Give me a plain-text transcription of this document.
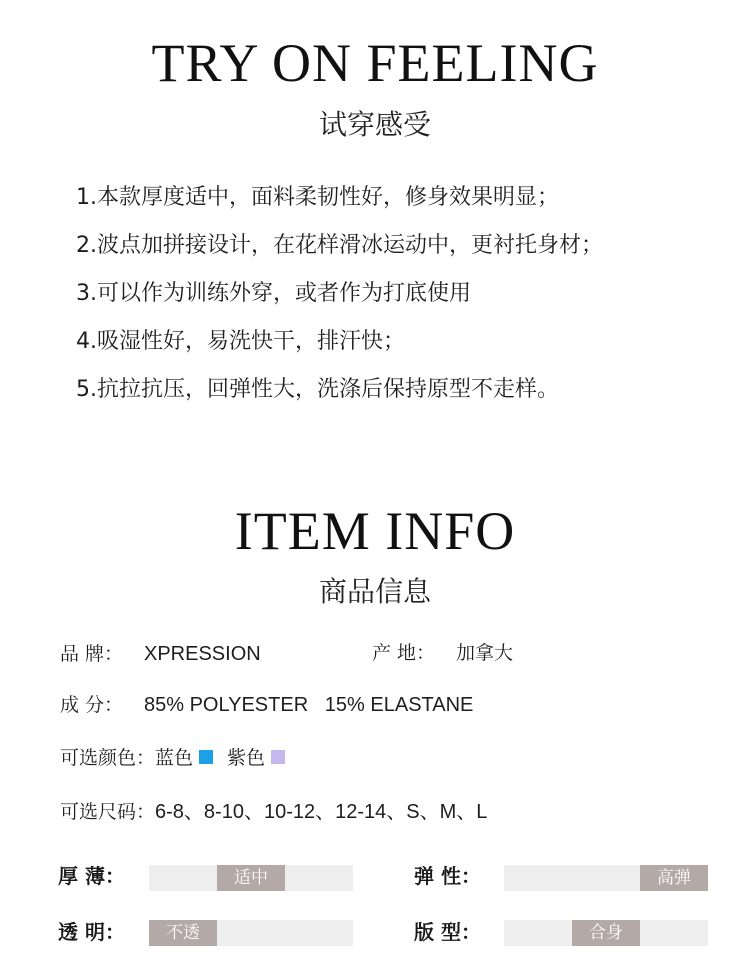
TRY ON FEELING
试穿感受
1.本款厚度适中，面料柔韧性好，修身效果明显；
2.波点加拼接设计，在花样滑冰运动中，更衬托身材；
3.可以作为训练外穿，或者作为打底使用
4.吸湿性好，易洗快干，排汗快；
5.抗拉抗压，回弹性大，洗涤后保持原型不走样。
ITEM INFO
商品信息
品 牌： XPRESSION	产 地： 加拿大
成 分： 85% POLYESTER   15% ELASTANE
可选颜色：蓝色 紫色
可选尺码：6-8、8-10、10-12、12-14、S、M、L
厚 薄：	适中	弹 性：	高弹
透 明：	不透	版 型：	合身
